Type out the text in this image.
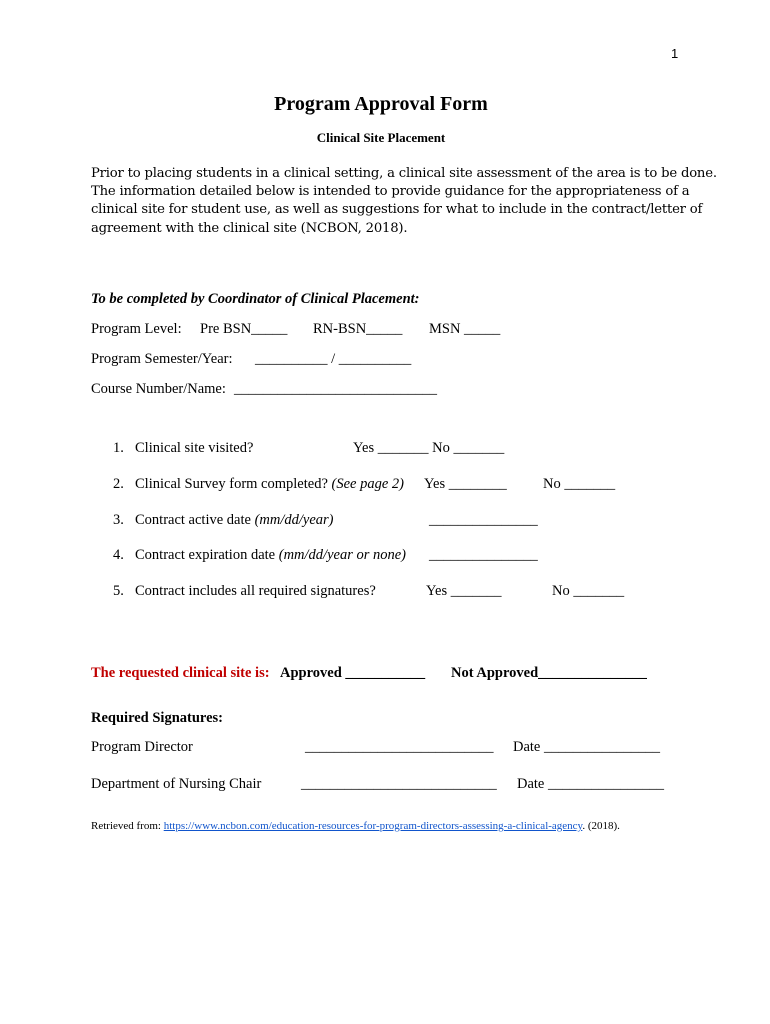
1
Program Approval Form
Clinical Site Placement
Prior to placing students in a clinical setting, a clinical site assessment of the area is to be done.
The information detailed below is intended to provide guidance for the appropriateness of a
clinical site for student use, as well as suggestions for what to include in the contract/letter of
agreement with the clinical site (NCBON, 2018).
To be completed by Coordinator of Clinical Placement:
Program Level: Pre BSN_____ RN-BSN_____ MSN _____
Program Semester/Year: __________ / __________
Course Number/Name: ____________________________
1. Clinical site visited?	Yes _______ No _______
2. Clinical Survey form completed? (See page 2) Yes ________	No _______
3. Contract active date (mm/dd/year)	_______________
4. Contract expiration date (mm/dd/year or none) _______________
5. Contract includes all required signatures?	Yes _______	No _______
The requested clinical site is: Approved ___________ Not Approved_______________
Required Signatures:
Program Director	__________________________ Date ________________
Department of Nursing Chair	___________________________ Date ________________
Retrieved from: https://www.ncbon.com/education-resources-for-program-directors-assessing-a-clinical-agency. (2018).
